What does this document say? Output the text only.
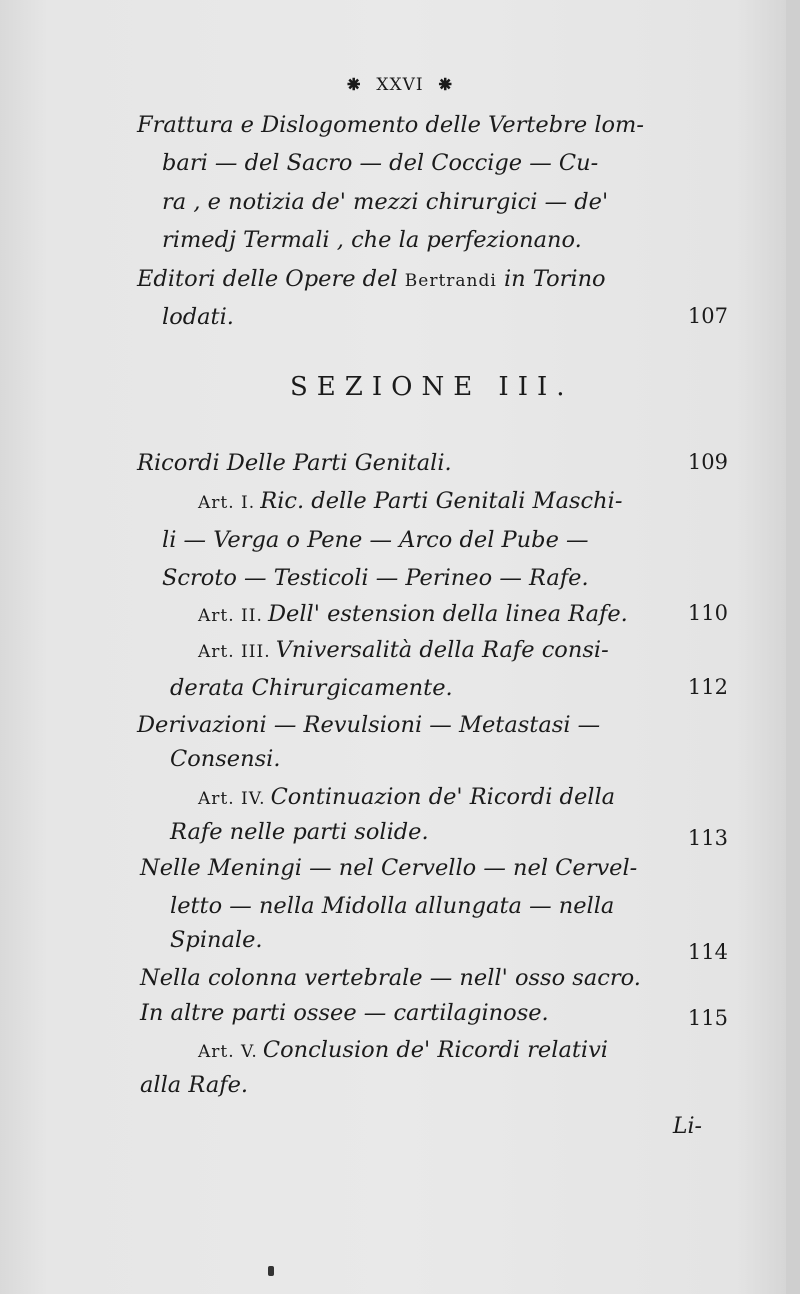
⁕ XXVI ⁕
Frattura e Dislogomento delle Vertebre lom-
bari — del Sacro — del Coccige — Cu-
ra , e notizia de' mezzi chirurgici — de'
rimedj Termali , che la perfezionano.
Editori delle Opere del Bertrandi in Torino
lodati.	107
SEZIONE III.
Ricordi Delle Parti Genitali.	109
Art. I. Ric. delle Parti Genitali Maschi-
li — Verga o Pene — Arco del Pube —
Scroto — Testicoli — Perineo — Rafe.
Art. II. Dell' estension della linea Rafe.	110
Art. III. Vniversalità della Rafe consi-
derata Chirurgicamente.	112
Derivazioni — Revulsioni — Metastasi —
Consensi.
Art. IV. Continuazion de' Ricordi della
Rafe nelle parti solide.	113
Nelle Meningi — nel Cervello — nel Cervel-
letto — nella Midolla allungata — nella
Spinale.	114
Nella colonna vertebrale — nell' osso sacro.
In altre parti ossee — cartilaginose.	115
Art. V. Conclusion de' Ricordi relativi
alla Rafe.
Li-
